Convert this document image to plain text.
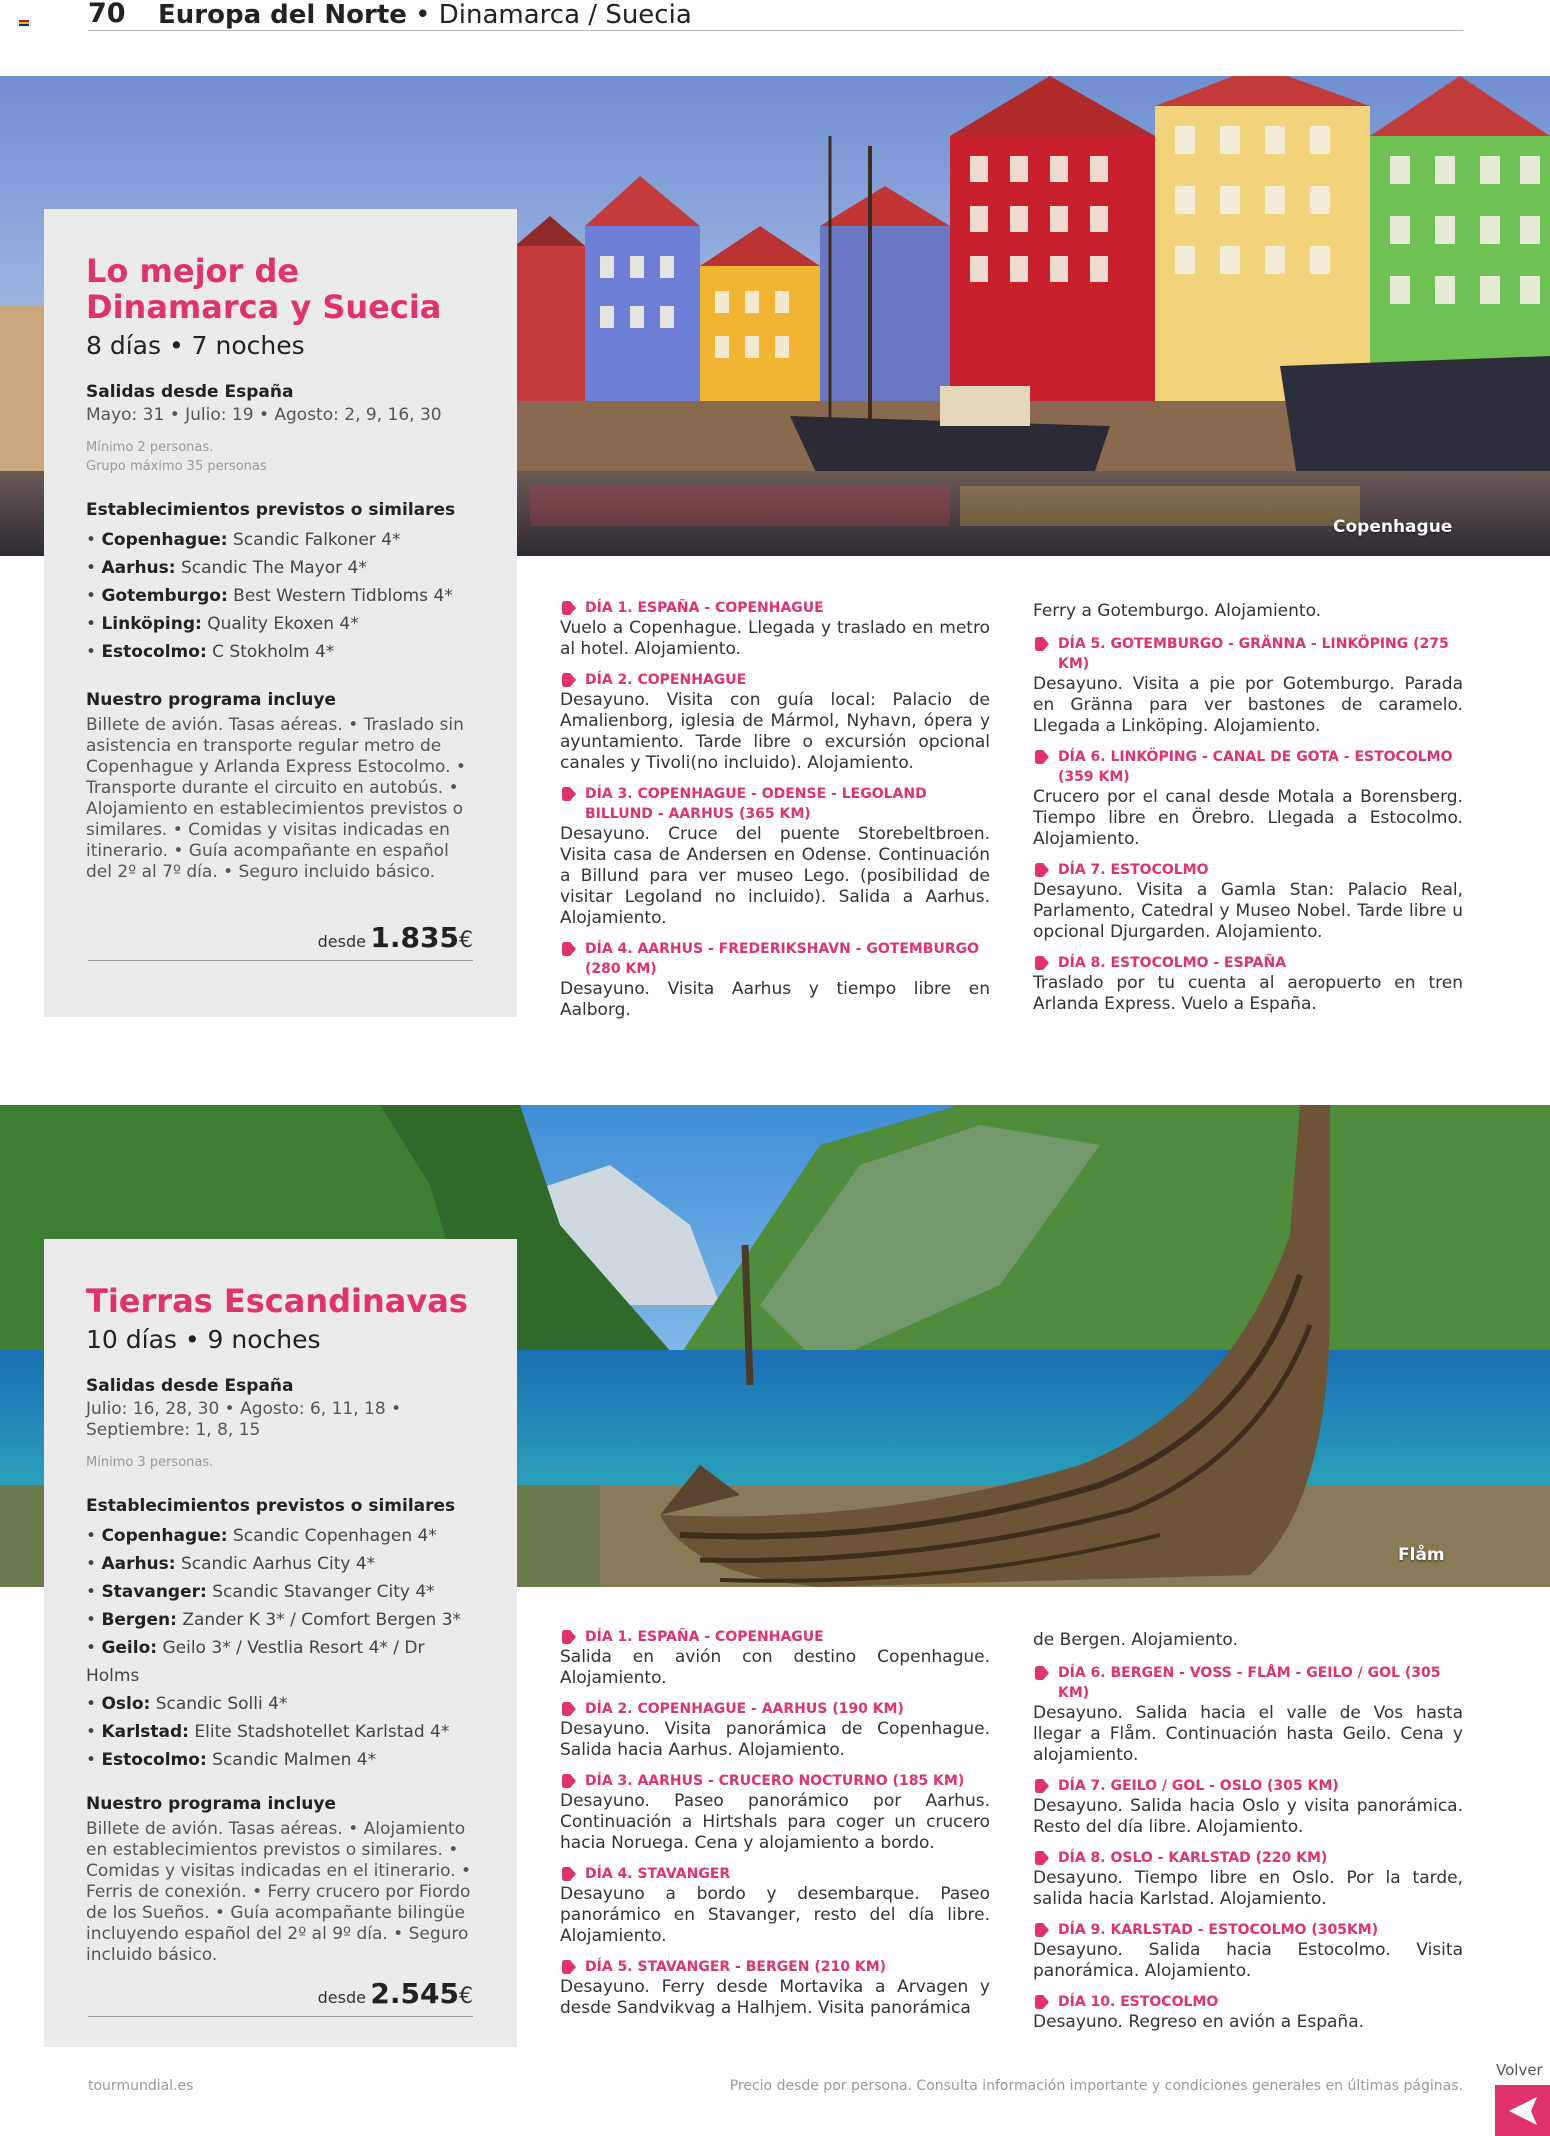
70 Europa del Norte • Dinamarca / Suecia
Copenhague
Lo mejor de
Dinamarca y Suecia
8 días • 7 noches
Salidas desde España
Mayo: 31 • Julio: 19 • Agosto: 2, 9, 16, 30
Mínimo 2 personas.
Grupo máximo 35 personas
Establecimientos previstos o similares
• Copenhague: Scandic Falkoner 4*
• Aarhus: Scandic The Mayor 4*
• Gotemburgo: Best Western Tidbloms 4*
• Linköping: Quality Ekoxen 4*
• Estocolmo: C Stokholm 4*
Nuestro programa incluye
Billete de avión. Tasas aéreas. • Traslado sin asistencia en transporte regular metro de Copenhague y Arlanda Express Estocolmo. • Transporte durante el circuito en autobús. • Alojamiento en establecimientos previstos o similares. • Comidas y visitas indicadas en itinerario. • Guía acompañante en español del 2º al 7º día. • Seguro incluido básico.
desde 1.835€
DÍA 1. ESPAÑA - COPENHAGUE
Vuelo a Copenhague. Llegada y traslado en metro al hotel. Alojamiento.
DÍA 2. COPENHAGUE
Desayuno. Visita con guía local: Palacio de Amalienborg, iglesia de Mármol, Nyhavn, ópera y ayuntamiento. Tarde libre o excursión opcional canales y Tivoli(no incluido). Alojamiento.
DÍA 3. COPENHAGUE - ODENSE - LEGOLAND BILLUND - AARHUS (365 KM)
Desayuno. Cruce del puente Storebeltbroen. Visita casa de Andersen en Odense. Continuación a Billund para ver museo Lego. (posibilidad de visitar Legoland no incluido). Salida a Aarhus. Alojamiento.
DÍA 4. AARHUS - FREDERIKSHAVN - GOTEMBURGO (280 KM)
Desayuno. Visita Aarhus y tiempo libre en Aalborg.
Ferry a Gotemburgo. Alojamiento.
DÍA 5. GOTEMBURGO - GRÄNNA - LINKÖPING (275 KM)
Desayuno. Visita a pie por Gotemburgo. Parada en Gränna para ver bastones de caramelo. Llegada a Linköping. Alojamiento.
DÍA 6. LINKÖPING - CANAL DE GOTA - ESTOCOLMO (359 KM)
Crucero por el canal desde Motala a Borensberg. Tiempo libre en Örebro. Llegada a Estocolmo. Alojamiento.
DÍA 7. ESTOCOLMO
Desayuno. Visita a Gamla Stan: Palacio Real, Parlamento, Catedral y Museo Nobel. Tarde libre u opcional Djurgarden. Alojamiento.
DÍA 8. ESTOCOLMO - ESPAÑA
Traslado por tu cuenta al aeropuerto en tren Arlanda Express. Vuelo a España.
Flåm
Tierras Escandinavas
10 días • 9 noches
Salidas desde España
Julio: 16, 28, 30 • Agosto: 6, 11, 18 • Septiembre: 1, 8, 15
Mínimo 3 personas.
Establecimientos previstos o similares
• Copenhague: Scandic Copenhagen 4*
• Aarhus: Scandic Aarhus City 4*
• Stavanger: Scandic Stavanger City 4*
• Bergen: Zander K 3* / Comfort Bergen 3*
• Geilo: Geilo 3* / Vestlia Resort 4* / Dr Holms
• Oslo: Scandic Solli 4*
• Karlstad: Elite Stadshotellet Karlstad 4*
• Estocolmo: Scandic Malmen 4*
Nuestro programa incluye
Billete de avión. Tasas aéreas. • Alojamiento en establecimientos previstos o similares. • Comidas y visitas indicadas en el itinerario. • Ferris de conexión. • Ferry crucero por Fiordo de los Sueños. • Guía acompañante bilingüe incluyendo español del 2º al 9º día. • Seguro incluido básico.
desde 2.545€
DÍA 1. ESPAÑA - COPENHAGUE
Salida en avión con destino Copenhague. Alojamiento.
DÍA 2. COPENHAGUE - AARHUS (190 KM)
Desayuno. Visita panorámica de Copenhague. Salida hacia Aarhus. Alojamiento.
DÍA 3. AARHUS - CRUCERO NOCTURNO (185 KM)
Desayuno. Paseo panorámico por Aarhus. Continuación a Hirtshals para coger un crucero hacia Noruega. Cena y alojamiento a bordo.
DÍA 4. STAVANGER
Desayuno a bordo y desembarque. Paseo panorámico en Stavanger, resto del día libre. Alojamiento.
DÍA 5. STAVANGER - BERGEN (210 KM)
Desayuno. Ferry desde Mortavika a Arvagen y desde Sandvikvag a Halhjem. Visita panorámica
de Bergen. Alojamiento.
DÍA 6. BERGEN - VOSS - FLÅM - GEILO / GOL (305 KM)
Desayuno. Salida hacia el valle de Vos hasta llegar a Flåm. Continuación hasta Geilo. Cena y alojamiento.
DÍA 7. GEILO / GOL - OSLO (305 KM)
Desayuno. Salida hacia Oslo y visita panorámica. Resto del día libre. Alojamiento.
DÍA 8. OSLO - KARLSTAD (220 KM)
Desayuno. Tiempo libre en Oslo. Por la tarde, salida hacia Karlstad. Alojamiento.
DÍA 9. KARLSTAD - ESTOCOLMO (305KM)
Desayuno. Salida hacia Estocolmo. Visita panorámica. Alojamiento.
DÍA 10. ESTOCOLMO
Desayuno. Regreso en avión a España.
tourmundial.es	Precio desde por persona. Consulta información importante y condiciones generales en últimas páginas.
Volver
